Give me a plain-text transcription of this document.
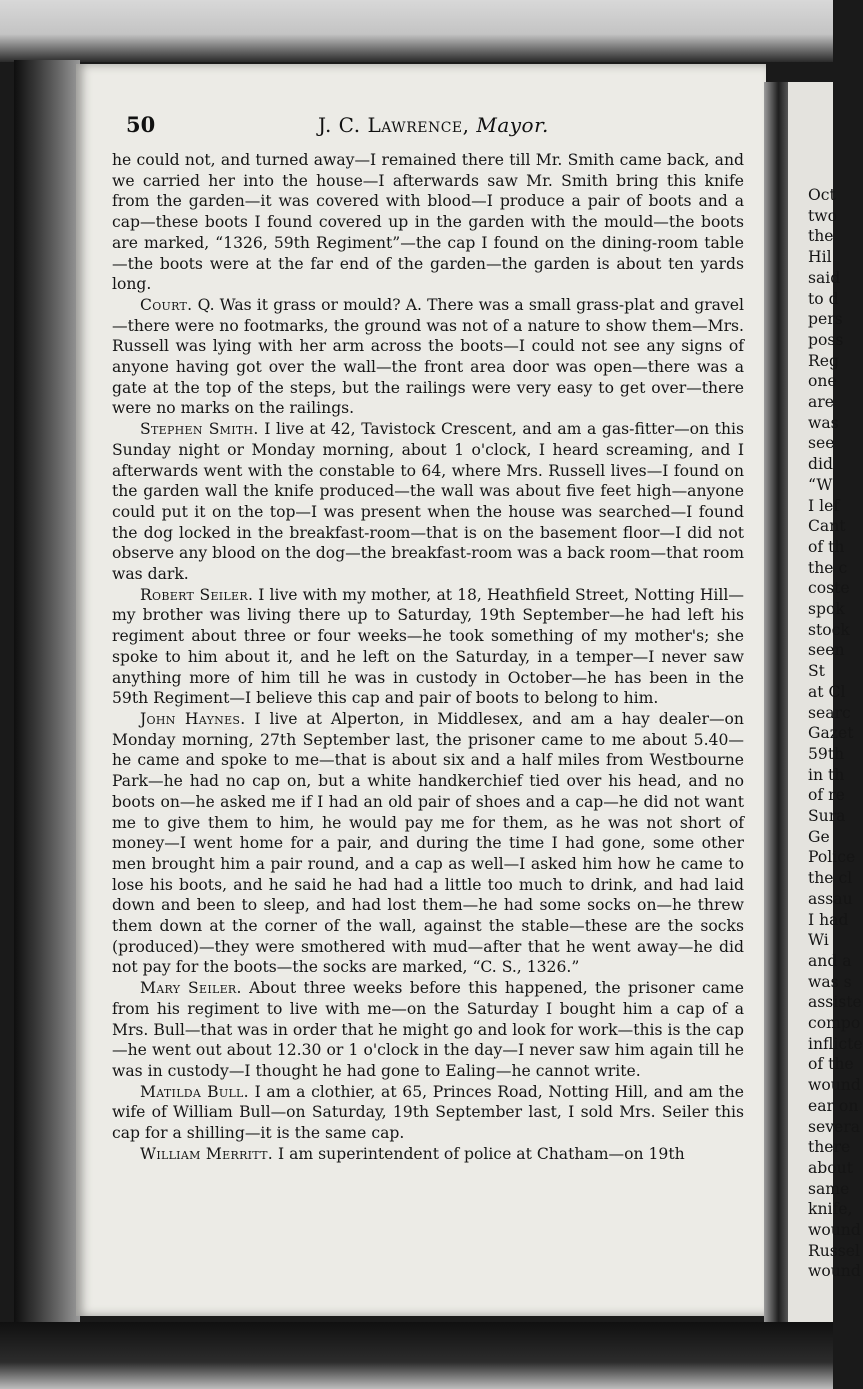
Oct
two
the
Hil
said
to d
pers
poss
Reg
one
are
was
see
did
“W
I lef
Cant
of th
the c
coste
spok
stock
seen
St
at Cl
searc
Gazet
59th
in th
of re
Sura
Ge
Police
the cl
assau
I had
Wi
and a
was s
assiste
compo
inflicte
of the
wound
ear on
severa
there
about
same
knife,
wound
Russel
wound
50	J. C. Lawrence, Mayor.

he could not, and turned away—I remained there till Mr. Smith came back, and we carried her into the house—I afterwards saw Mr. Smith bring this knife from the garden—it was covered with blood—I produce a pair of boots and a cap—these boots I found covered up in the garden with the mould—the boots are marked, “1326, 59th Regiment”—the cap I found on the dining-room table—the boots were at the far end of the garden—the garden is about ten yards long.

Court. Q. Was it grass or mould? A. There was a small grass-plat and gravel—there were no footmarks, the ground was not of a nature to show them—Mrs. Russell was lying with her arm across the boots—I could not see any signs of anyone having got over the wall—the front area door was open—there was a gate at the top of the steps, but the railings were very easy to get over—there were no marks on the railings.

Stephen Smith. I live at 42, Tavistock Crescent, and am a gas-fitter—on this Sunday night or Monday morning, about 1 o'clock, I heard screaming, and I afterwards went with the constable to 64, where Mrs. Russell lives—I found on the garden wall the knife produced—the wall was about five feet high—anyone could put it on the top—I was present when the house was searched—I found the dog locked in the breakfast-room—that is on the basement floor—I did not observe any blood on the dog—the breakfast-room was a back room—that room was dark.

Robert Seiler. I live with my mother, at 18, Heathfield Street, Notting Hill—my brother was living there up to Saturday, 19th September—he had left his regiment about three or four weeks—he took something of my mother's; she spoke to him about it, and he left on the Saturday, in a temper—I never saw anything more of him till he was in custody in October—he has been in the 59th Regiment—I believe this cap and pair of boots to belong to him.

John Haynes. I live at Alperton, in Middlesex, and am a hay dealer—on Monday morning, 27th September last, the prisoner came to me about 5.40—he came and spoke to me—that is about six and a half miles from Westbourne Park—he had no cap on, but a white handkerchief tied over his head, and no boots on—he asked me if I had an old pair of shoes and a cap—he did not want me to give them to him, he would pay me for them, as he was not short of money—I went home for a pair, and during the time I had gone, some other men brought him a pair round, and a cap as well—I asked him how he came to lose his boots, and he said he had had a little too much to drink, and had laid down and been to sleep, and had lost them—he had some socks on—he threw them down at the corner of the wall, against the stable—these are the socks (produced)—they were smothered with mud—after that he went away—he did not pay for the boots—the socks are marked, “C. S., 1326.”

Mary Seiler. About three weeks before this happened, the prisoner came from his regiment to live with me—on the Saturday I bought him a cap of a Mrs. Bull—that was in order that he might go and look for work—this is the cap—he went out about 12.30 or 1 o'clock in the day—I never saw him again till he was in custody—I thought he had gone to Ealing—he cannot write.

Matilda Bull. I am a clothier, at 65, Princes Road, Notting Hill, and am the wife of William Bull—on Saturday, 19th September last, I sold Mrs. Seiler this cap for a shilling—it is the same cap.

William Merritt. I am superintendent of police at Chatham—on 19th
